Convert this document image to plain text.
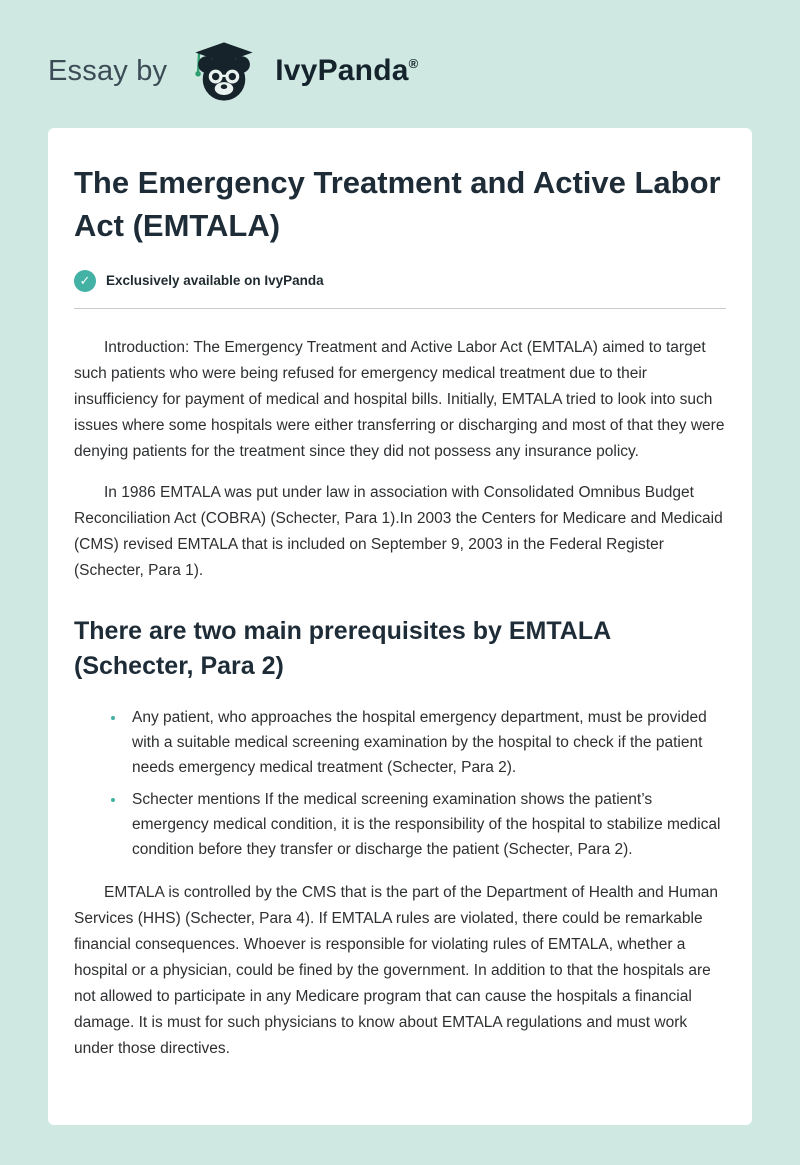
Essay by	IvyPanda ®
The Emergency Treatment and Active Labor Act (EMTALA)
✓	Exclusively available on IvyPanda

Introduction: The Emergency Treatment and Active Labor Act (EMTALA) aimed to target such patients who were being refused for emergency medical treatment due to their insufficiency for payment of medical and hospital bills. Initially, EMTALA tried to look into such issues where some hospitals were either transferring or discharging and most of that they were denying patients for the treatment since they did not possess any insurance policy.

In 1986 EMTALA was put under law in association with Consolidated Omnibus Budget Reconciliation Act (COBRA) (Schecter, Para 1).In 2003 the Centers for Medicare and Medicaid (CMS) revised EMTALA that is included on September 9, 2003 in the Federal Register (Schecter, Para 1).

There are two main prerequisites by EMTALA (Schecter, Para 2)
• Any patient, who approaches the hospital emergency department, must be provided with a suitable medical screening examination by the hospital to check if the patient needs emergency medical treatment (Schecter, Para 2).
• Schecter mentions If the medical screening examination shows the patient’s emergency medical condition, it is the responsibility of the hospital to stabilize medical condition before they transfer or discharge the patient (Schecter, Para 2).

EMTALA is controlled by the CMS that is the part of the Department of Health and Human Services (HHS) (Schecter, Para 4). If EMTALA rules are violated, there could be remarkable financial consequences. Whoever is responsible for violating rules of EMTALA, whether a hospital or a physician, could be fined by the government. In addition to that the hospitals are not allowed to participate in any Medicare program that can cause the hospitals a financial damage. It is must for such physicians to know about EMTALA regulations and must work under those directives.
